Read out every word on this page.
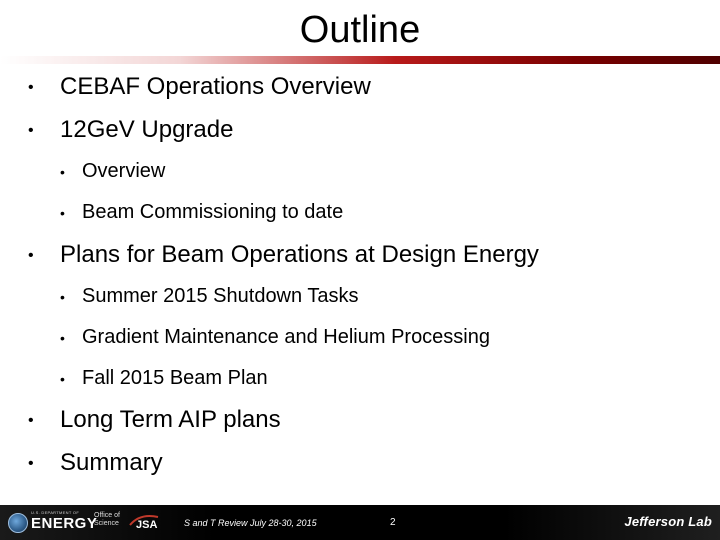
Outline
• CEBAF Operations Overview
• 12GeV Upgrade
• Overview
• Beam Commissioning to date
• Plans for Beam Operations at Design Energy
• Summer 2015 Shutdown Tasks
• Gradient Maintenance and Helium Processing
• Fall 2015 Beam Plan
• Long Term AIP plans
• Summary
U.S. DEPARTMENT OF
ENERGY
Office of
Science JSA	S and T Review July 28-30, 2015	2	Jefferson Lab
